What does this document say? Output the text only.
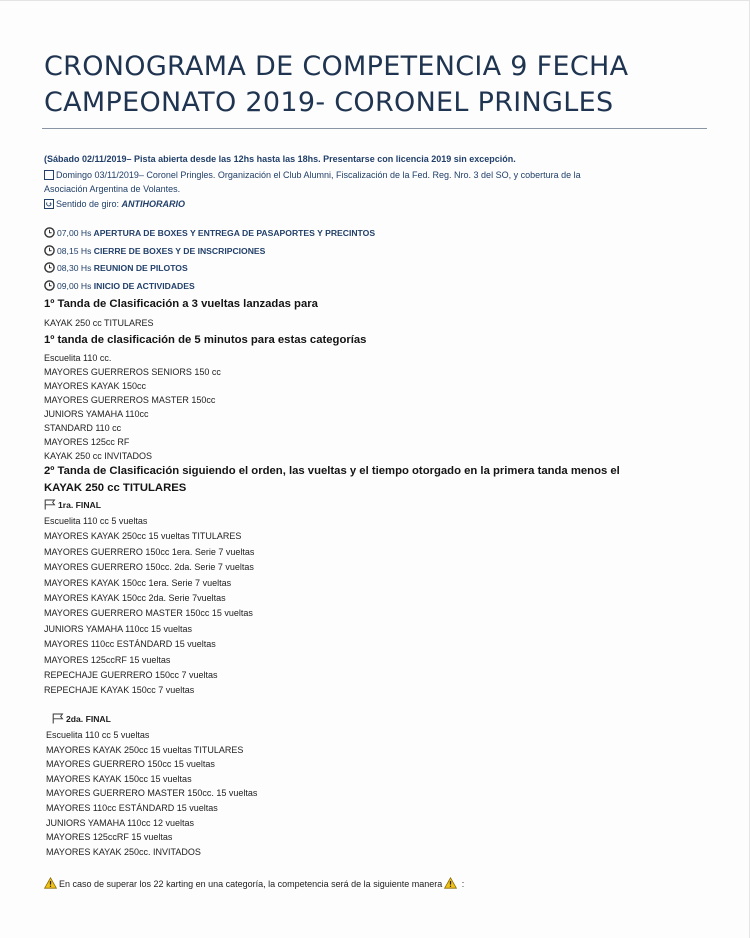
CRONOGRAMA DE COMPETENCIA 9 FECHA
CAMPEONATO 2019- CORONEL PRINGLES
(Sábado 02/11/2019– Pista abierta desde las 12hs hasta las 18hs. Presentarse con licencia 2019 sin excepción.
Domingo 03/11/2019– Coronel Pringles. Organización el Club Alumni, Fiscalización de la Fed. Reg. Nro. 3 del SO, y cobertura de la
Asociación Argentina de Volantes.
Sentido de giro: ANTIHORARIO
07,00 Hs APERTURA DE BOXES Y ENTREGA DE PASAPORTES Y PRECINTOS
08,15 Hs CIERRE DE BOXES Y DE INSCRIPCIONES
08,30 Hs REUNION DE PILOTOS
09,00 Hs INICIO DE ACTIVIDADES
1º Tanda de Clasificación a 3 vueltas lanzadas para
KAYAK 250 cc TITULARES
1º tanda de clasificación de 5 minutos para estas categorías
Escuelita 110 cc.
MAYORES GUERREROS SENIORS 150 cc
MAYORES KAYAK 150cc
MAYORES GUERREROS MASTER 150cc
JUNIORS YAMAHA 110cc
STANDARD 110 cc
MAYORES 125cc RF
KAYAK 250 cc INVITADOS
2º Tanda de Clasificación siguiendo el orden, las vueltas y el tiempo otorgado en la primera tanda menos el
KAYAK 250 cc TITULARES
1ra. FINAL
Escuelita 110 cc 5 vueltas
MAYORES KAYAK 250cc 15 vueltas TITULARES
MAYORES GUERRERO 150cc 1era. Serie 7 vueltas
MAYORES GUERRERO 150cc. 2da. Serie 7 vueltas
MAYORES KAYAK 150cc 1era. Serie 7 vueltas
MAYORES KAYAK 150cc 2da. Serie 7vueltas
MAYORES GUERRERO MASTER 150cc 15 vueltas
JUNIORS YAMAHA 110cc 15 vueltas
MAYORES 110cc ESTÁNDARD 15 vueltas
MAYORES 125ccRF 15 vueltas
REPECHAJE GUERRERO 150cc 7 vueltas
REPECHAJE KAYAK 150cc 7 vueltas
2da. FINAL
Escuelita 110 cc 5 vueltas
MAYORES KAYAK 250cc 15 vueltas TITULARES
MAYORES GUERRERO 150cc 15 vueltas
MAYORES KAYAK 150cc 15 vueltas
MAYORES GUERRERO MASTER 150cc. 15 vueltas
MAYORES 110cc ESTÁNDARD 15 vueltas
JUNIORS YAMAHA 110cc 12 vueltas
MAYORES 125ccRF 15 vueltas
MAYORES KAYAK 250cc. INVITADOS
En caso de superar los 22 karting en una categoría, la competencia será de la siguiente manera :
